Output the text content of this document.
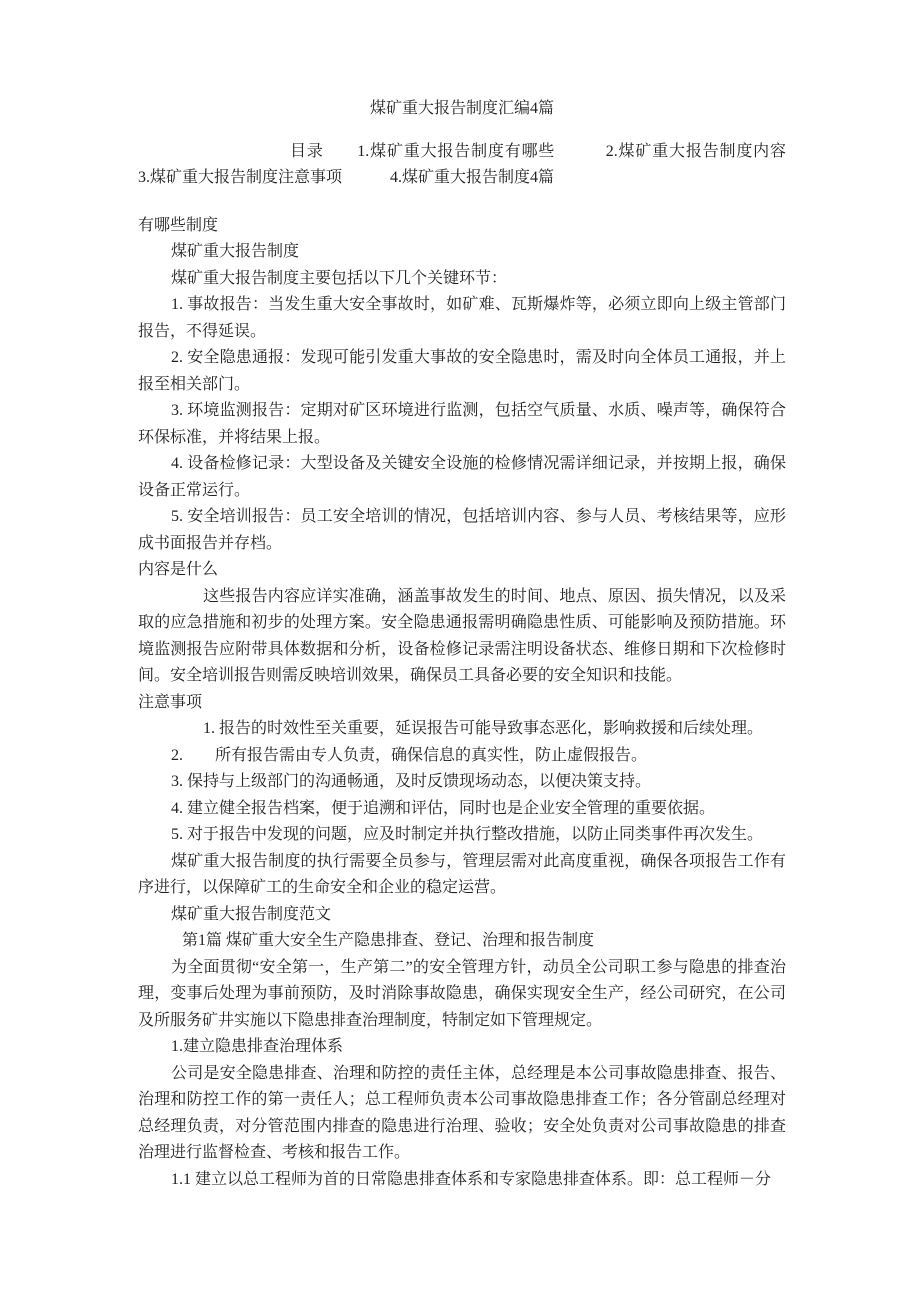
煤矿重大报告制度汇编4篇

目录　　1.煤矿重大报告制度有哪些　　　2.煤矿重大报告制度内容　　　3.煤矿重大报告制度注意事项　　　4.煤矿重大报告制度4篇

有哪些制度

煤矿重大报告制度

煤矿重大报告制度主要包括以下几个关键环节：

1. 事故报告：当发生重大安全事故时，如矿难、瓦斯爆炸等，必须立即向上级主管部门报告，不得延误。

2. 安全隐患通报：发现可能引发重大事故的安全隐患时，需及时向全体员工通报，并上报至相关部门。

3. 环境监测报告：定期对矿区环境进行监测，包括空气质量、水质、噪声等，确保符合环保标准，并将结果上报。

4. 设备检修记录：大型设备及关键安全设施的检修情况需详细记录，并按期上报，确保设备正常运行。

5. 安全培训报告：员工安全培训的情况，包括培训内容、参与人员、考核结果等，应形成书面报告并存档。

内容是什么

这些报告内容应详实准确，涵盖事故发生的时间、地点、原因、损失情况，以及采取的应急措施和初步的处理方案。安全隐患通报需明确隐患性质、可能影响及预防措施。环境监测报告应附带具体数据和分析，设备检修记录需注明设备状态、维修日期和下次检修时间。安全培训报告则需反映培训效果，确保员工具备必要的安全知识和技能。

注意事项

1. 报告的时效性至关重要，延误报告可能导致事态恶化，影响救援和后续处理。

2.　　所有报告需由专人负责，确保信息的真实性，防止虚假报告。

3. 保持与上级部门的沟通畅通，及时反馈现场动态，以便决策支持。

4. 建立健全报告档案，便于追溯和评估，同时也是企业安全管理的重要依据。

5. 对于报告中发现的问题，应及时制定并执行整改措施，以防止同类事件再次发生。

煤矿重大报告制度的执行需要全员参与，管理层需对此高度重视，确保各项报告工作有序进行，以保障矿工的生命安全和企业的稳定运营。

煤矿重大报告制度范文

第1篇 煤矿重大安全生产隐患排查、登记、治理和报告制度

为全面贯彻“安全第一，生产第二”的安全管理方针，动员全公司职工参与隐患的排查治理，变事后处理为事前预防，及时消除事故隐患，确保实现安全生产，经公司研究，在公司及所服务矿井实施以下隐患排查治理制度，特制定如下管理规定。

1.建立隐患排查治理体系

公司是安全隐患排查、治理和防控的责任主体，总经理是本公司事故隐患排查、报告、治理和防控工作的第一责任人；总工程师负责本公司事故隐患排查工作；各分管副总经理对总经理负责，对分管范围内排查的隐患进行治理、验收；安全处负责对公司事故隐患的排查治理进行监督检查、考核和报告工作。

1.1 建立以总工程师为首的日常隐患排查体系和专家隐患排查体系。即：总工程师－分
